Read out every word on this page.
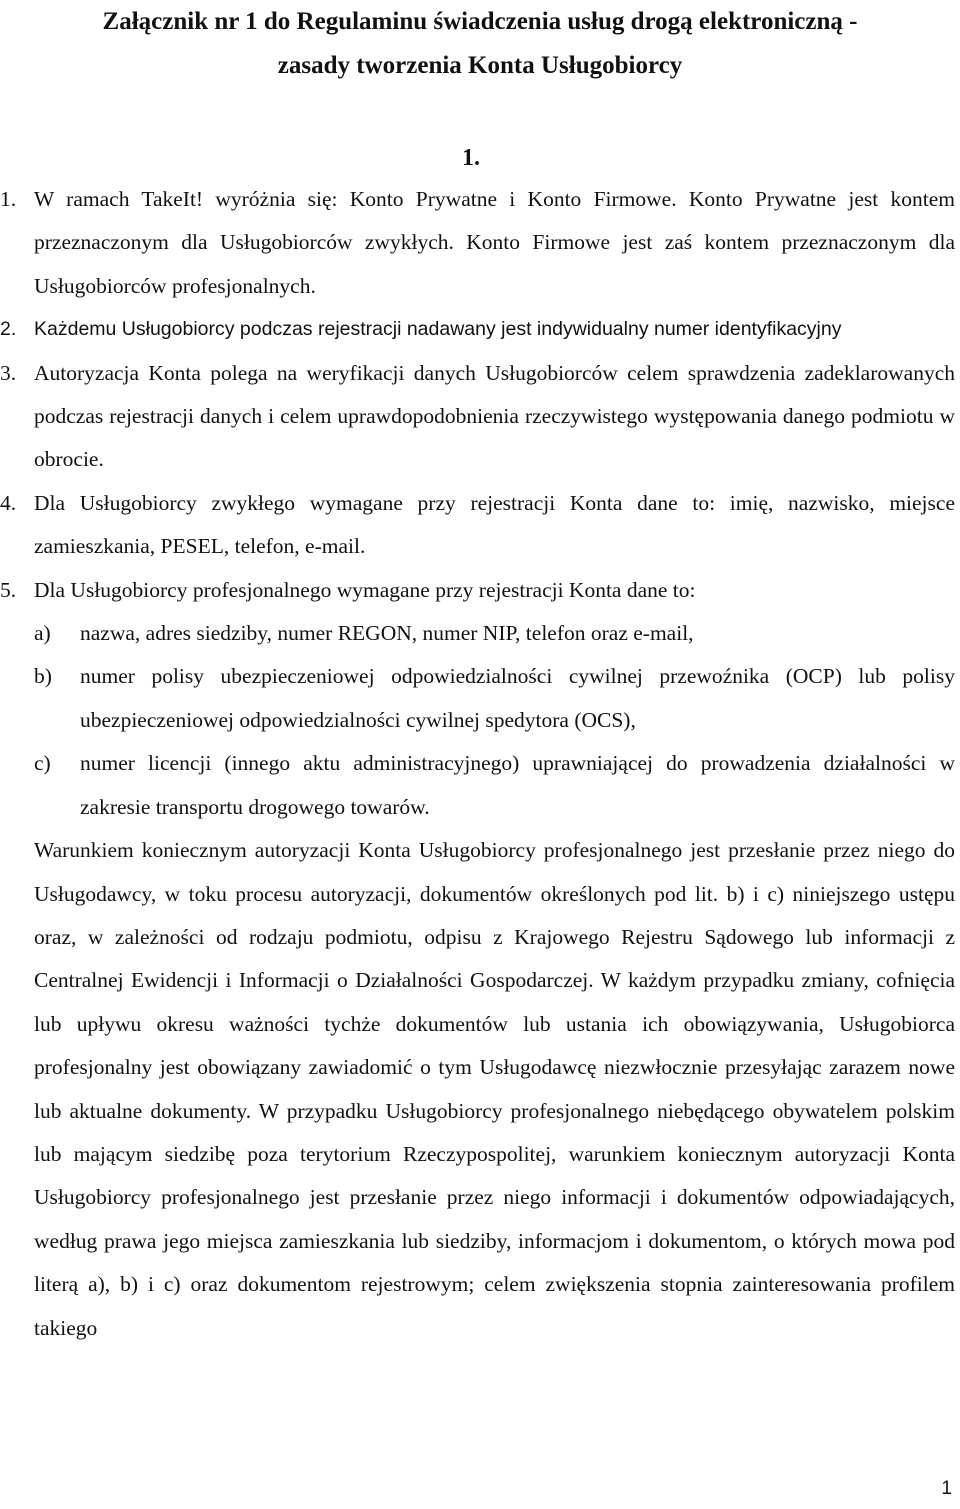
Załącznik nr 1 do Regulaminu świadczenia usług drogą elektroniczną -
zasady tworzenia Konta Usługobiorcy
1.
1. W ramach TakeIt! wyróżnia się: Konto Prywatne i Konto Firmowe. Konto Prywatne jest kontem przeznaczonym dla Usługobiorców zwykłych. Konto Firmowe jest zaś kontem przeznaczonym dla Usługobiorców profesjonalnych.
2. Każdemu Usługobiorcy podczas rejestracji nadawany jest indywidualny numer identyfikacyjny
3. Autoryzacja Konta polega na weryfikacji danych Usługobiorców celem sprawdzenia zadeklarowanych podczas rejestracji danych i celem uprawdopodobnienia rzeczywistego występowania danego podmiotu w obrocie.
4. Dla Usługobiorcy zwykłego wymagane przy rejestracji Konta dane to: imię, nazwisko, miejsce zamieszkania, PESEL, telefon, e-mail.
5. Dla Usługobiorcy profesjonalnego wymagane przy rejestracji Konta dane to:
a)	nazwa, adres siedziby, numer REGON, numer NIP, telefon oraz e-mail,
b)	numer polisy ubezpieczeniowej odpowiedzialności cywilnej przewoźnika (OCP) lub polisy ubezpieczeniowej odpowiedzialności cywilnej spedytora (OCS),
c)	numer licencji (innego aktu administracyjnego) uprawniającej do prowadzenia działalności w zakresie transportu drogowego towarów.
Warunkiem koniecznym autoryzacji Konta Usługobiorcy profesjonalnego jest przesłanie przez niego do Usługodawcy, w toku procesu autoryzacji, dokumentów określonych pod lit. b) i c) niniejszego ustępu oraz, w zależności od rodzaju podmiotu, odpisu z Krajowego Rejestru Sądowego lub informacji z Centralnej Ewidencji i Informacji o Działalności Gospodarczej. W każdym przypadku zmiany, cofnięcia lub upływu okresu ważności tychże dokumentów lub ustania ich obowiązywania, Usługobiorca profesjonalny jest obowiązany zawiadomić o tym Usługodawcę niezwłocznie przesyłając zarazem nowe lub aktualne dokumenty. W przypadku Usługobiorcy profesjonalnego niebędącego obywatelem polskim lub mającym siedzibę poza terytorium Rzeczypospolitej, warunkiem koniecznym autoryzacji Konta Usługobiorcy profesjonalnego jest przesłanie przez niego informacji i dokumentów odpowiadających, według prawa jego miejsca zamieszkania lub siedziby, informacjom i dokumentom, o których mowa pod literą a), b) i c) oraz dokumentom rejestrowym; celem zwiększenia stopnia zainteresowania profilem takiego
1
